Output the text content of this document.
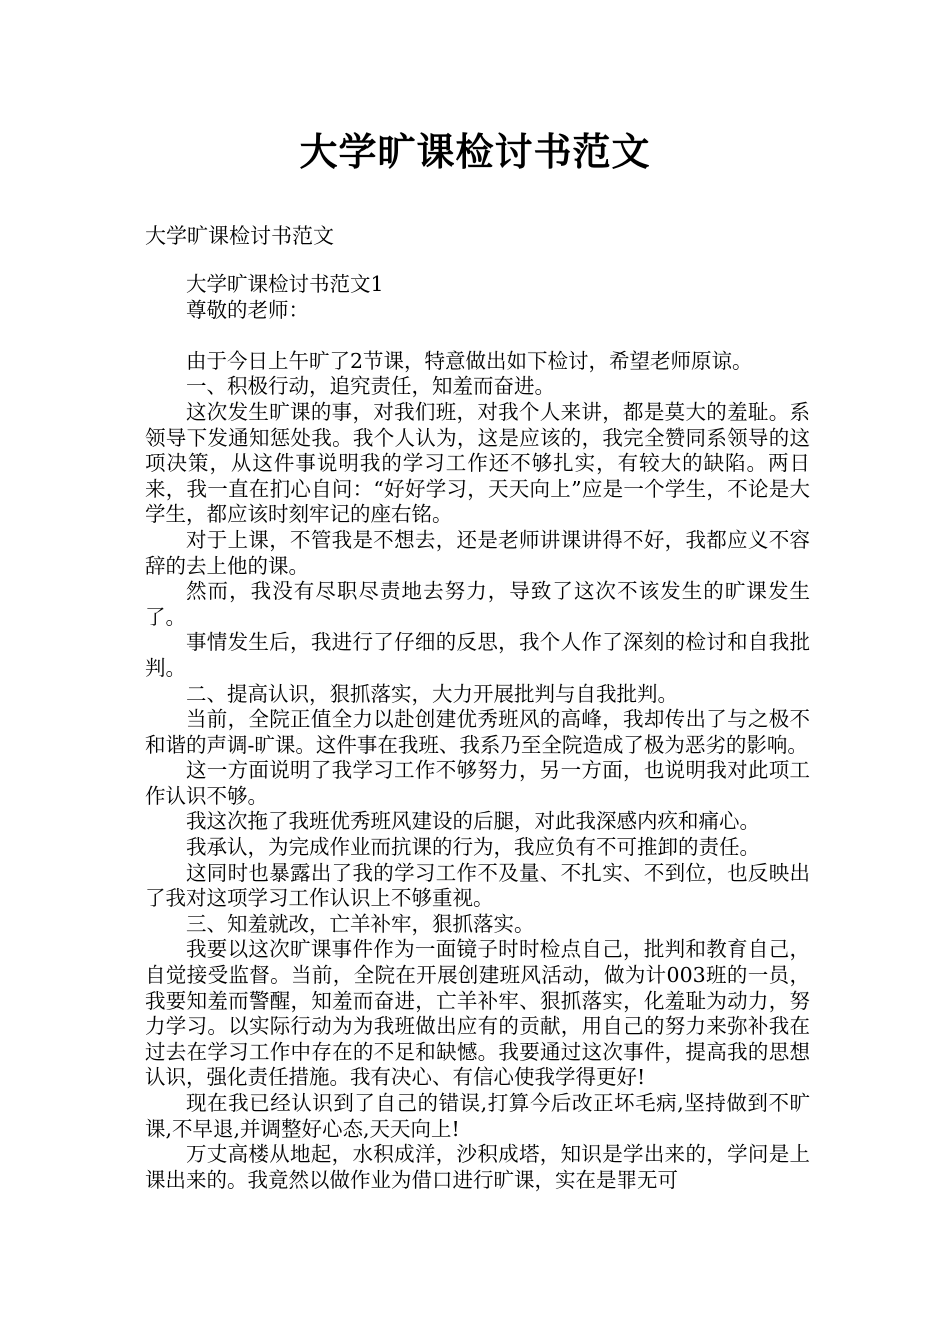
大学旷课检讨书范文
大学旷课检讨书范文

大学旷课检讨书范文1

尊敬的老师：

由于今日上午旷了2节课，特意做出如下检讨，希望老师原谅。

一、积极行动，追究责任，知羞而奋进。

这次发生旷课的事，对我们班，对我个人来讲，都是莫大的羞耻。系领导下发通知惩处我。我个人认为，这是应该的，我完全赞同系领导的这项决策，从这件事说明我的学习工作还不够扎实，有较大的缺陷。两日来，我一直在扪心自问：“好好学习，天天向上”应是一个学生，不论是大学生，都应该时刻牢记的座右铭。

对于上课，不管我是不想去，还是老师讲课讲得不好，我都应义不容辞的去上他的课。

然而，我没有尽职尽责地去努力，导致了这次不该发生的旷课发生了。

事情发生后，我进行了仔细的反思，我个人作了深刻的检讨和自我批判。

二、提高认识，狠抓落实，大力开展批判与自我批判。

当前，全院正值全力以赴创建优秀班风的高峰，我却传出了与之极不和谐的声调-旷课。这件事在我班、我系乃至全院造成了极为恶劣的影响。

这一方面说明了我学习工作不够努力，另一方面，也说明我对此项工作认识不够。

我这次拖了我班优秀班风建设的后腿，对此我深感内疚和痛心。

我承认，为完成作业而抗课的行为，我应负有不可推卸的责任。

这同时也暴露出了我的学习工作不及量、不扎实、不到位，也反映出了我对这项学习工作认识上不够重视。

三、知羞就改，亡羊补牢，狠抓落实。

我要以这次旷课事件作为一面镜子时时检点自己，批判和教育自己，自觉接受监督。当前，全院在开展创建班风活动，做为计003班的一员，我要知羞而警醒，知羞而奋进，亡羊补牢、狠抓落实，化羞耻为动力，努力学习。以实际行动为为我班做出应有的贡献，用自己的努力来弥补我在过去在学习工作中存在的不足和缺憾。我要通过这次事件，提高我的思想认识，强化责任措施。我有决心、有信心使我学得更好!

现在我已经认识到了自己的错误,打算今后改正坏毛病,坚持做到不旷课,不早退,并调整好心态,天天向上!

万丈高楼从地起，水积成洋，沙积成塔，知识是学出来的，学问是上课出来的。我竟然以做作业为借口进行旷课，实在是罪无可
